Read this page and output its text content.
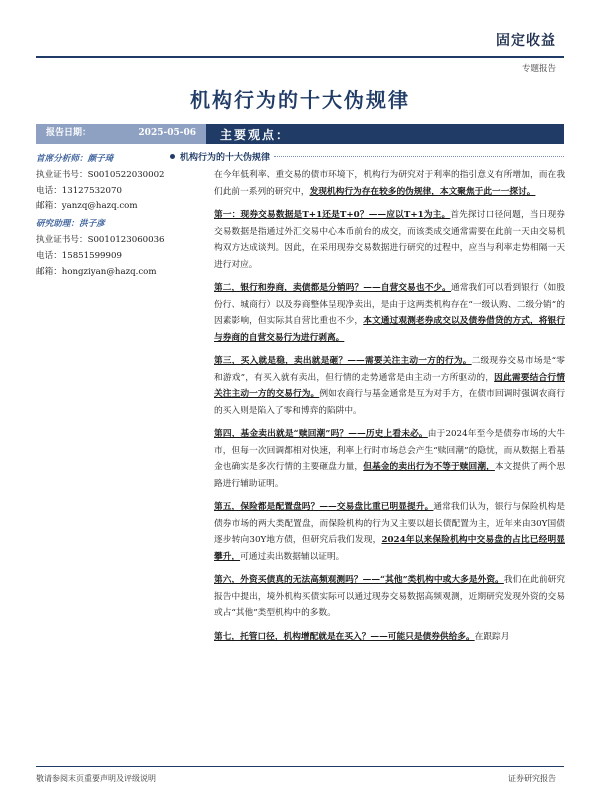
固定收益
专题报告
机构行为的十大伪规律
报告日期：	2025-05-06
首席分析师：颜子琦
执业证书号：S0010522030002
电话：13127532070
邮箱：yanzq@hazq.com
研究助理：洪子彦
执业证书号：S0010123060036
电话：15851599909
邮箱：hongziyan@hazq.com
主要观点：
机构行为的十大伪规律

在今年低利率、重交易的债市环境下，机构行为研究对于利率的指引意义有所增加，而在我们此前一系列的研究中，发现机构行为存在较多的伪规律，本文聚焦于此一一探讨。

第一：现券交易数据是T+1还是T+0？——应以T+1为主。首先探讨口径问题，当日现券交易数据是指通过外汇交易中心本币前台的成交，而该类成交通常需要在此前一天由交易机构双方达成谈判。因此，在采用现券交易数据进行研究的过程中，应当与利率走势相隔一天进行对应。

第二，银行和券商，卖债都是分销吗？——自营交易也不少。通常我们可以看到银行（如股份行、城商行）以及券商整体呈现净卖出，是由于这两类机构存在“一级认购、二级分销”的因素影响，但实际其自营比重也不少，本文通过观测老券成交以及债券借贷的方式，将银行与券商的自营交易行为进行剥离。

第三，买入就是稳，卖出就是砸？——需要关注主动一方的行为。二级现券交易市场是“零和游戏”，有买入就有卖出，但行情的走势通常是由主动一方所驱动的，因此需要结合行情关注主动一方的交易行为。例如农商行与基金通常是互为对手方，在债市回调时强调农商行的买入则是陷入了零和博弈的陷阱中。

第四，基金卖出就是“赎回潮”吗？——历史上看未必。由于2024年至今是债券市场的大牛市，但每一次回调都相对快速，利率上行时市场总会产生“赎回潮”的隐忧，而从数据上看基金也确实是多次行情的主要砸盘力量，但基金的卖出行为不等于赎回潮，本文提供了两个思路进行辅助证明。

第五，保险都是配置盘吗？——交易盘比重已明显提升。通常我们认为，银行与保险机构是债券市场的两大类配置盘，而保险机构的行为又主要以超长债配置为主，近年来由30Y国债逐步转向30Y地方债，但研究后我们发现，2024年以来保险机构中交易盘的占比已经明显攀升，可通过卖出数据辅以证明。

第六，外资买债真的无法高频观测吗？——“其他”类机构中或大多是外资。我们在此前研究报告中提出，境外机构买债实际可以通过现券交易数据高频观测，近期研究发现外资的交易或占“其他”类型机构中的多数。

第七，托管口径，机构增配就是在买入？——可能只是债券供给多。在跟踪月

敬请参阅末页重要声明及评级说明	证券研究报告
